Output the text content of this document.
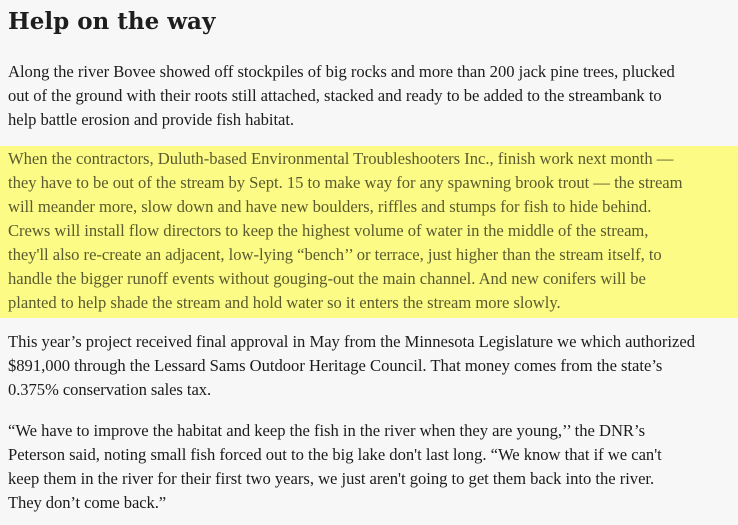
Help on the way

Along the river Bovee showed off stockpiles of big rocks and more than 200 jack pine trees, plucked
out of the ground with their roots still attached, stacked and ready to be added to the streambank to
help battle erosion and provide fish habitat.

When the contractors, Duluth-based Environmental Troubleshooters Inc., finish work next month —
they have to be out of the stream by Sept. 15 to make way for any spawning brook trout — the stream
will meander more, slow down and have new boulders, riffles and stumps for fish to hide behind.
Crews will install flow directors to keep the highest volume of water in the middle of the stream,
they'll also re-create an adjacent, low-lying “bench’’ or terrace, just higher than the stream itself, to
handle the bigger runoff events without gouging-out the main channel. And new conifers will be
planted to help shade the stream and hold water so it enters the stream more slowly.

This year’s project received final approval in May from the Minnesota Legislature we which authorized
$891,000 through the Lessard Sams Outdoor Heritage Council. That money comes from the state’s
0.375% conservation sales tax.

“We have to improve the habitat and keep the fish in the river when they are young,’’ the DNR’s
Peterson said, noting small fish forced out to the big lake don't last long. “We know that if we can't
keep them in the river for their first two years, we just aren't going to get them back into the river.
They don’t come back.”
